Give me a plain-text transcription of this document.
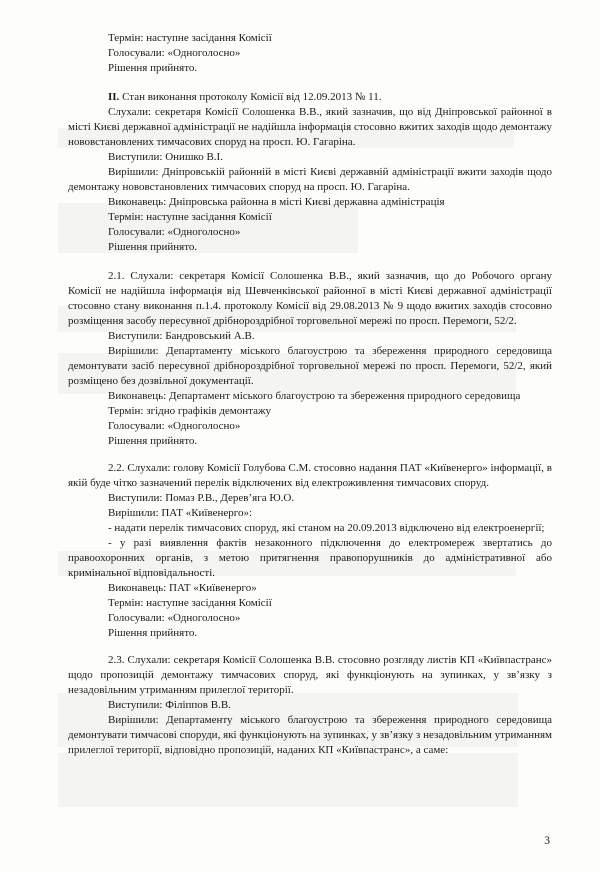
Термін: наступне засідання Комісії

Голосували: «Одноголосно»

Рішення прийнято.

II. Стан виконання протоколу Комісії від 12.09.2013 № 11.

Слухали: секретаря Комісії Солошенка В.В., який зазначив, що від Дніпровської районної в місті Києві державної адміністрації не надійшла інформація стосовно вжитих заходів щодо демонтажу нововстановлених тимчасових споруд на просп. Ю. Гагаріна.

Виступили: Онишко В.І.

Вирішили: Дніпровській районній в місті Києві державній адміністрації вжити заходів щодо демонтажу нововстановлених тимчасових споруд на просп. Ю. Гагаріна.

Виконавець: Дніпровська районна в місті Києві державна адміністрація

Термін: наступне засідання Комісії

Голосували: «Одноголосно»

Рішення прийнято.

2.1. Слухали: секретаря Комісії Солошенка В.В., який зазначив, що до Робочого органу Комісії не надійшла інформація від Шевченківської районної в місті Києві державної адміністрації стосовно стану виконання п.1.4. протоколу Комісії від 29.08.2013 № 9 щодо вжитих заходів стосовно розміщення засобу пересувної дрібнороздрібної торговельної мережі по просп. Перемоги, 52/2.

Виступили: Бандровський А.В.

Вирішили: Департаменту міського благоустрою та збереження природного середовища демонтувати засіб пересувної дрібнороздрібної торговельної мережі по просп. Перемоги, 52/2, який розміщено без дозвільної документації.

Виконавець: Департамент міського благоустрою та збереження природного середовища

Термін: згідно графіків демонтажу

Голосували: «Одноголосно»

Рішення прийнято.

2.2. Слухали: голову Комісії Голубова С.М. стосовно надання ПАТ «Київенерго» інформації, в якій буде чітко зазначений перелік відключених від електроживлення тимчасових споруд.

Виступили: Помаз Р.В., Дерев’яга Ю.О.

Вирішили: ПАТ «Київенерго»:

- надати перелік тимчасових споруд, які станом на 20.09.2013 відключено від електроенергії;

- у разі виявлення фактів незаконного підключення до електромереж звертатись до правоохоронних органів, з метою притягнення правопорушників до адміністративної або кримінальної відповідальності.

Виконавець: ПАТ «Київенерго»

Термін: наступне засідання Комісії

Голосували: «Одноголосно»

Рішення прийнято.

2.3. Слухали: секретаря Комісії Солошенка В.В. стосовно розгляду листів КП «Київпастранс» щодо пропозицій демонтажу тимчасових споруд, які функціонують на зупинках, у зв’язку з незадовільним утриманням прилеглої території.

Виступили: Філіппов В.В.

Вирішили: Департаменту міського благоустрою та збереження природного середовища демонтувати тимчасові споруди, які функціонують на зупинках, у зв’язку з незадовільним утриманням прилеглої території, відповідно пропозицій, наданих КП «Київпастранс», а саме:

3
